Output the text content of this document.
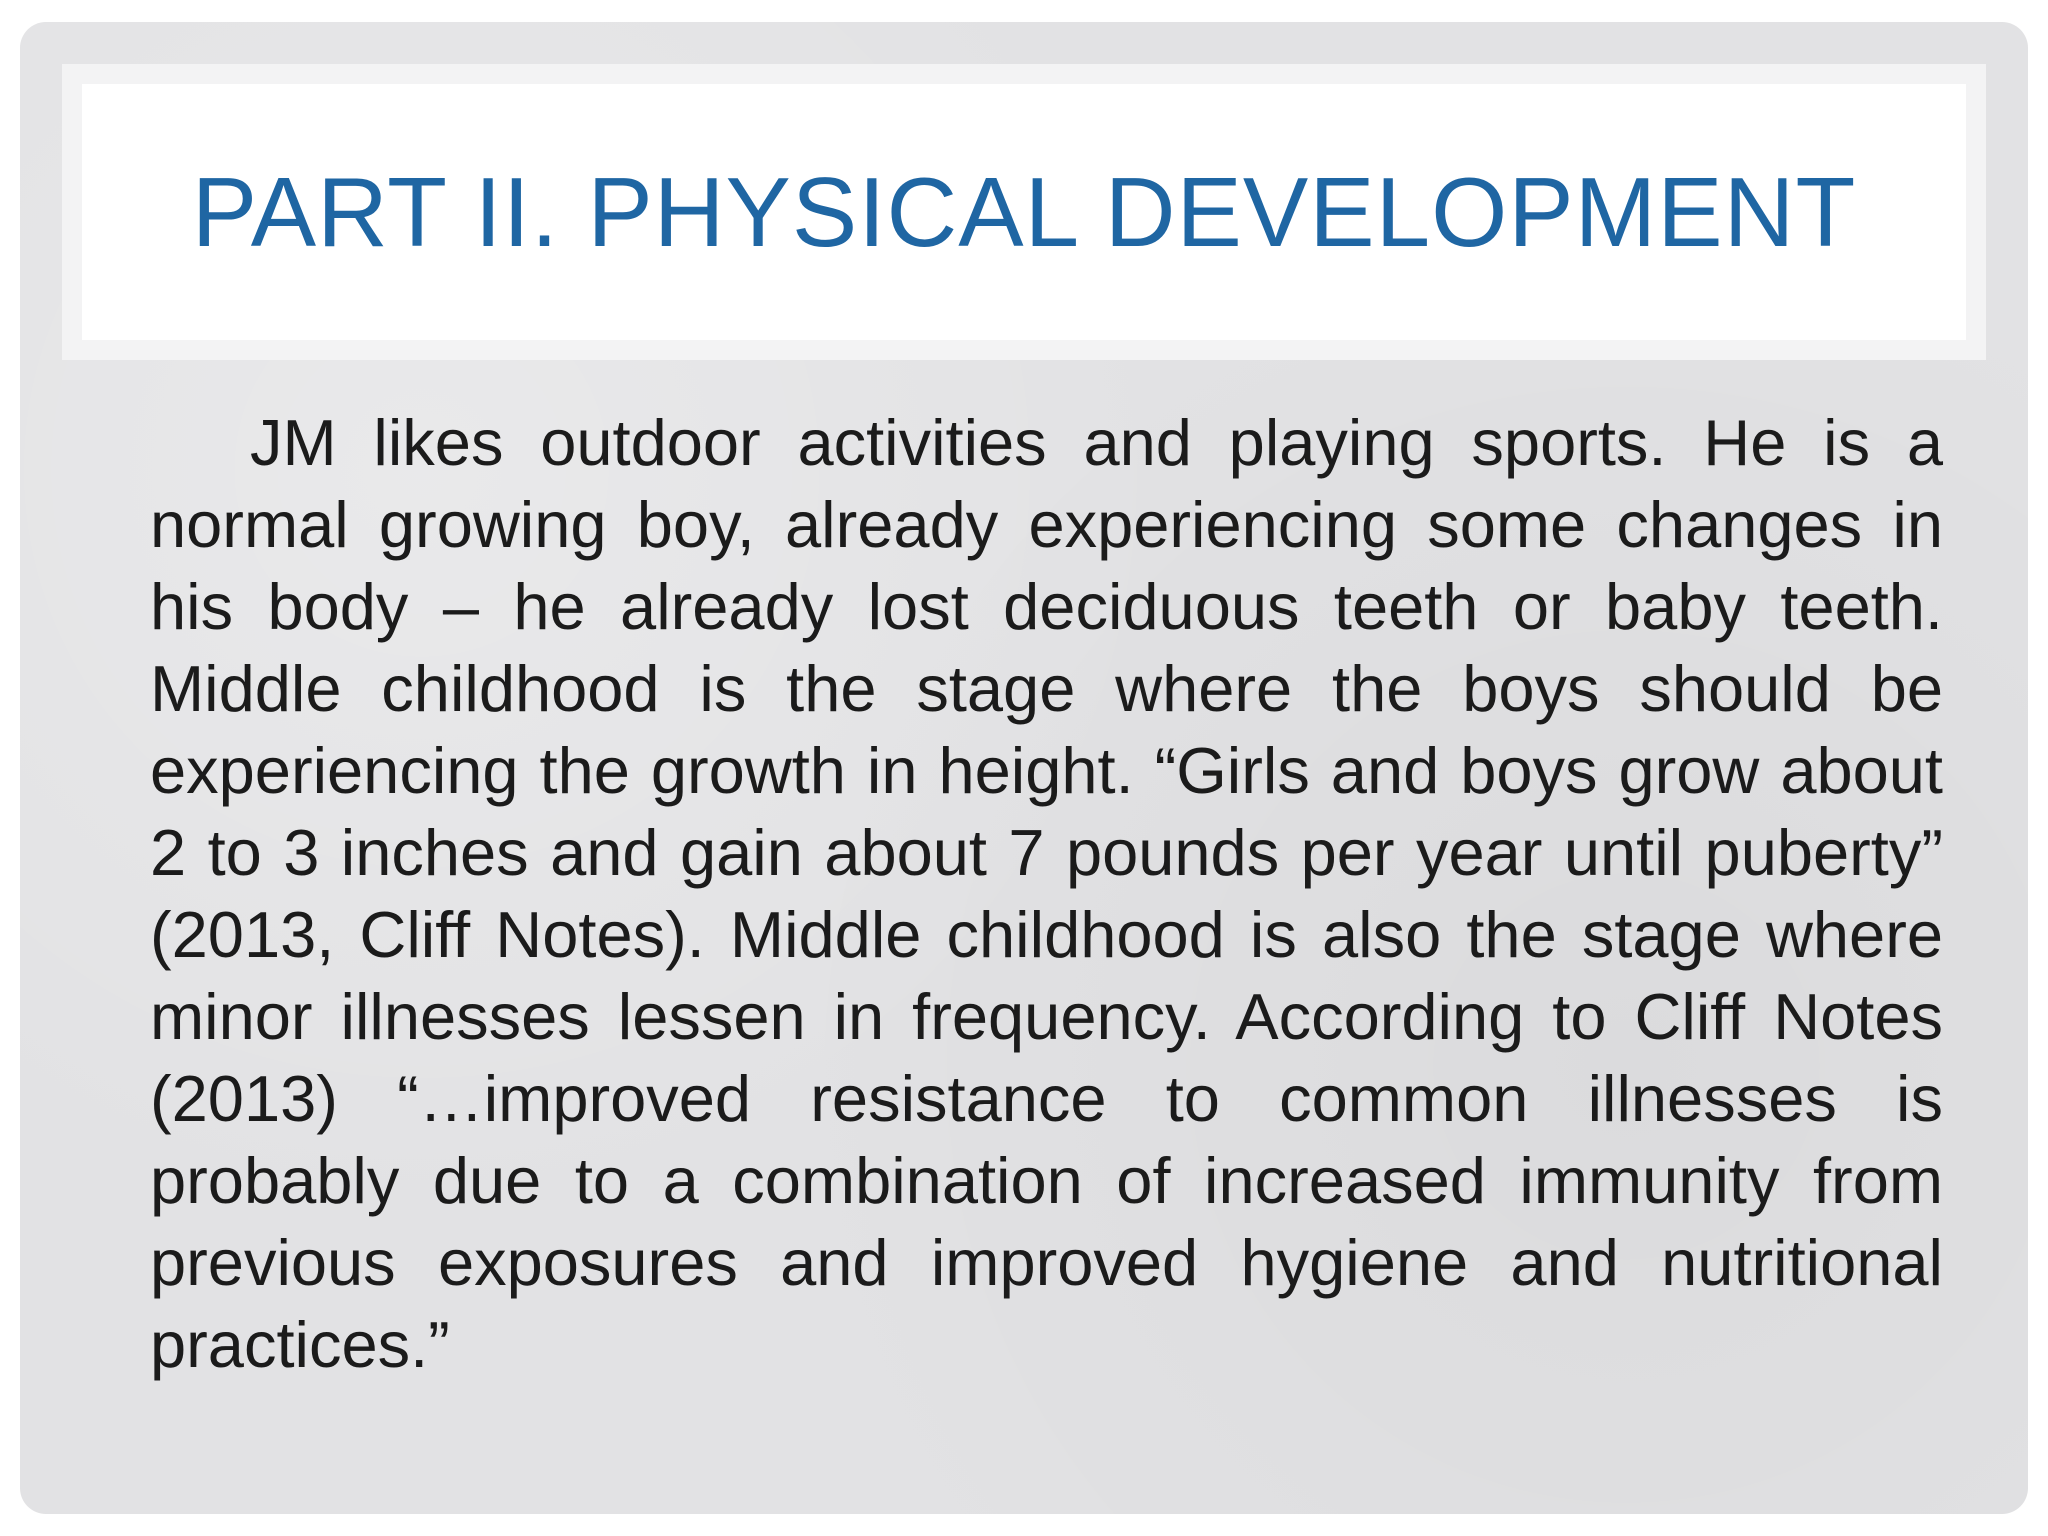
PART II. PHYSICAL DEVELOPMENT

JM likes outdoor activities and playing sports. He is a normal growing boy, already experiencing some changes in his body – he already lost deciduous teeth or baby teeth. Middle childhood is the stage where the boys should be experiencing the growth in height. “Girls and boys grow about 2 to 3 inches and gain about 7 pounds per year until puberty” (2013, Cliff Notes). Middle childhood is also the stage where minor illnesses lessen in frequency. According to Cliff Notes (2013) “…improved resistance to common illnesses is probably due to a combination of increased immunity from previous exposures and improved hygiene and nutritional practices.”
